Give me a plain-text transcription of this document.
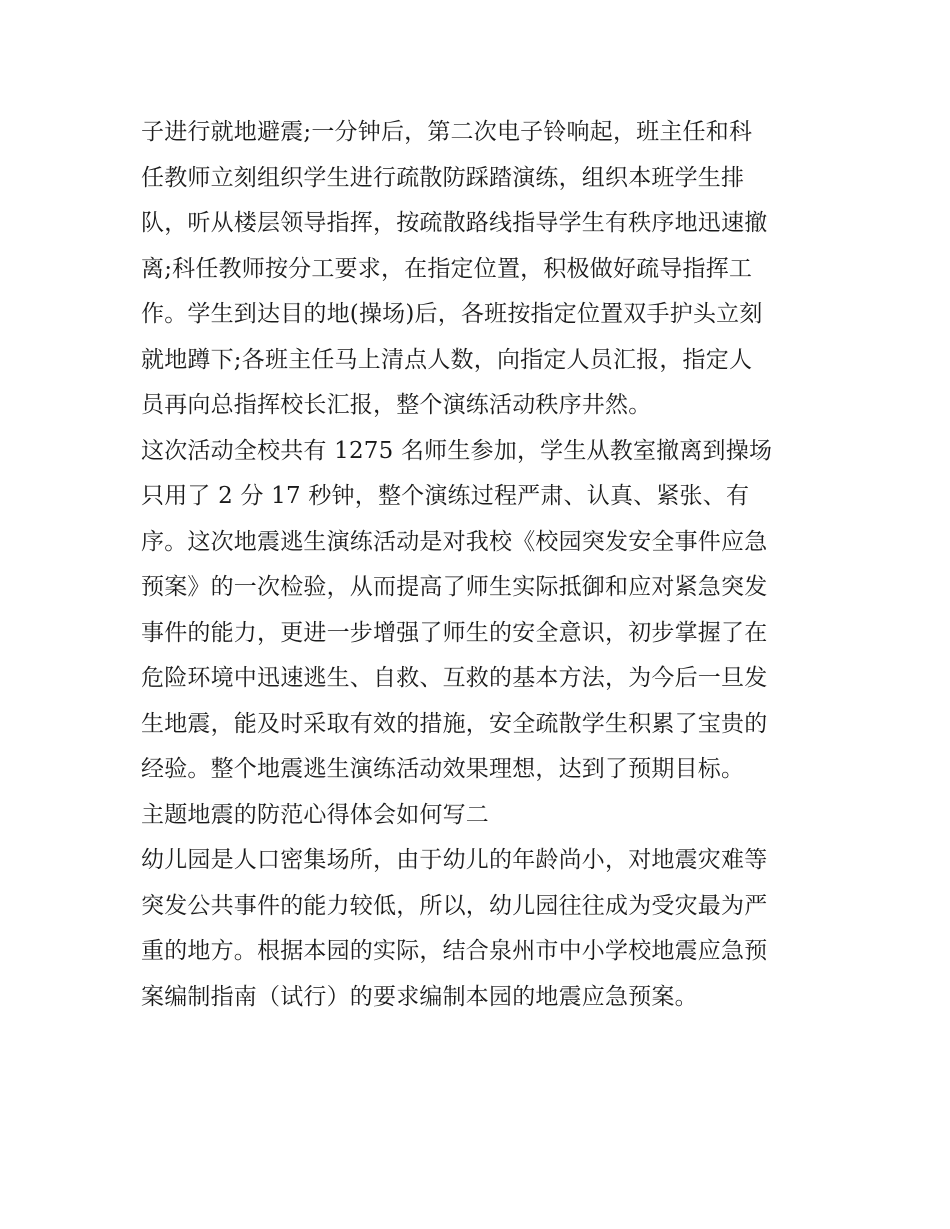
子进行就地避震;一分钟后，第二次电子铃响起，班主任和科
任教师立刻组织学生进行疏散防踩踏演练，组织本班学生排
队，听从楼层领导指挥，按疏散路线指导学生有秩序地迅速撤
离;科任教师按分工要求，在指定位置，积极做好疏导指挥工
作。学生到达目的地(操场)后，各班按指定位置双手护头立刻
就地蹲下;各班主任马上清点人数，向指定人员汇报，指定人
员再向总指挥校长汇报，整个演练活动秩序井然。
这次活动全校共有 1275 名师生参加，学生从教室撤离到操场
只用了 2 分 17 秒钟，整个演练过程严肃、认真、紧张、有
序。这次地震逃生演练活动是对我校《校园突发安全事件应急
预案》的一次检验，从而提高了师生实际抵御和应对紧急突发
事件的能力，更进一步增强了师生的安全意识，初步掌握了在
危险环境中迅速逃生、自救、互救的基本方法，为今后一旦发
生地震，能及时采取有效的措施，安全疏散学生积累了宝贵的
经验。整个地震逃生演练活动效果理想，达到了预期目标。
主题地震的防范心得体会如何写二
幼儿园是人口密集场所，由于幼儿的年龄尚小，对地震灾难等
突发公共事件的能力较低，所以，幼儿园往往成为受灾最为严
重的地方。根据本园的实际，结合泉州市中小学校地震应急预
案编制指南（试行）的要求编制本园的地震应急预案。
